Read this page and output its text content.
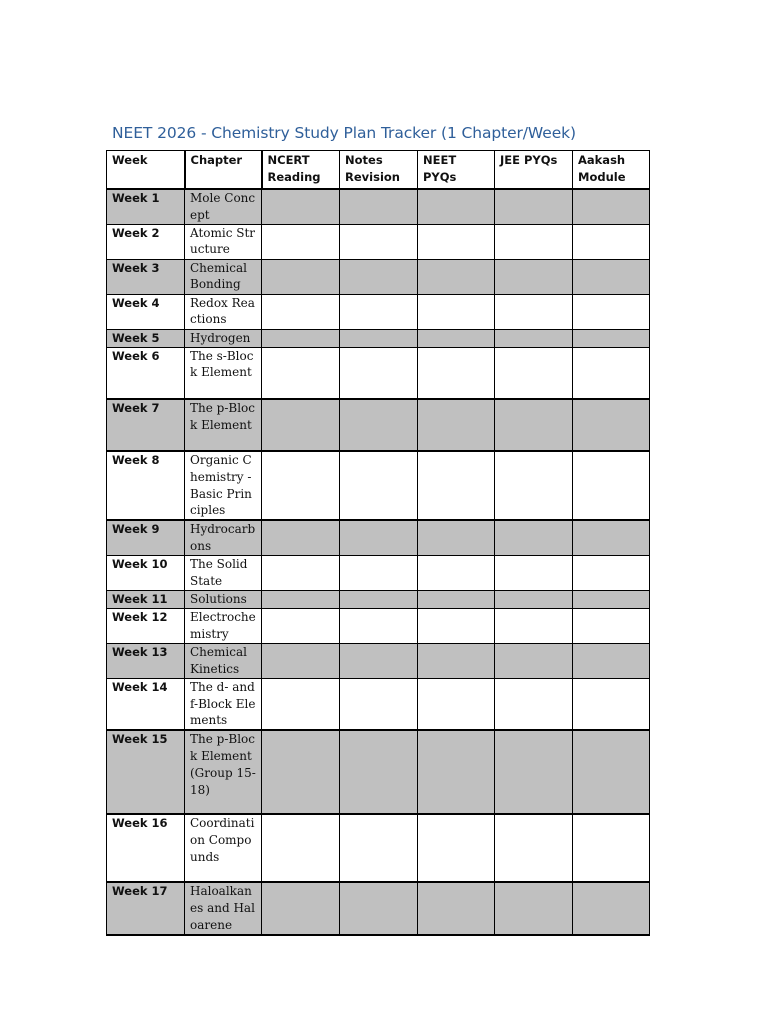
NEET 2026 - Chemistry Study Plan Tracker (1 Chapter/Week)
Week	Chapter	NCERT Reading	Notes Revision	NEET PYQs	JEE PYQs	Aakash Module
Week 1	Mole Concept					
Week 2	Atomic Structure					
Week 3	Chemical Bonding					
Week 4	Redox Reactions					
Week 5	Hydrogen					
Week 6	The s-Block Element					
Week 7	The p-Block Element					
Week 8	Organic Chemistry - Basic Principles					
Week 9	Hydrocarbons					
Week 10	The Solid State					
Week 11	Solutions					
Week 12	Electrochemistry					
Week 13	Chemical Kinetics					
Week 14	The d- and f-Block Elements					
Week 15	The p-Block Element (Group 15-18)					
Week 16	Coordination Compounds					
Week 17	Haloalkanes and Haloarene					
